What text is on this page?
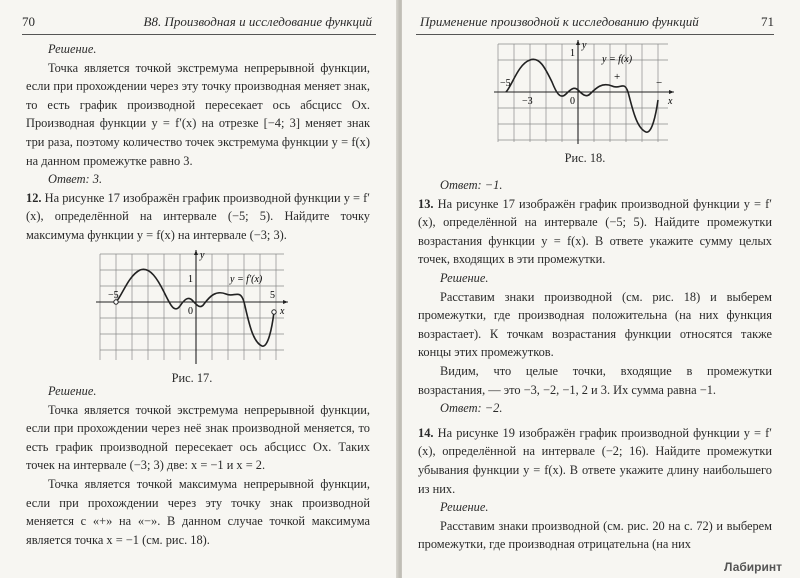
70	В8. Производная и исследование функций

Решение.

Точка является точкой экстремума непрерывной функции, если при прохождении через эту точку производная меняет знак, то есть график производной пересекает ось абсцисс Ox. Производная функции y = f′(x) на отрезке [−4; 3] меняет знак три раза, поэтому количество точек экстремума функции y = f(x) на данном промежутке равно 3.

Ответ: 3.

12. На рисунке 17 изображён график производной функции y = f′(x), определённой на интервале (−5; 5). Найдите точку максимума функции y = f(x) на интервале (−3; 3).

−5	5
0
1
x
y
y = f′(x)
Рис. 17.

Решение.

Точка является точкой экстремума непрерывной функции, если при прохождении через неё знак производной меняется, то есть график производной пересекает ось абсцисс Ox. Таких точек на интервале (−3; 3) две: x = −1 и x = 2.

Точка является точкой максимума непрерывной функции, если при прохождении через эту точку знак производной меняется с «+» на «−». В данном случае точкой максимума является точка x = −1 (см. рис. 18).

Применение производной к исследованию функций	71
−5
−3	0
1
x
y
y = f(x)
+	−
Рис. 18.

Ответ: −1.

13. На рисунке 17 изображён график производной функции y = f′(x), определённой на интервале (−5; 5). Найдите промежутки возрастания функции y = f(x). В ответе укажите сумму целых точек, входящих в эти промежутки.

Решение.

Расставим знаки производной (см. рис. 18) и выберем промежутки, где производная положительна (на них функция возрастает). К точкам возрастания функции относятся также концы этих промежутков.

Видим, что целые точки, входящие в промежутки возрастания, — это −3, −2, −1, 2 и 3. Их сумма равна −1.

Ответ: −2.

14. На рисунке 19 изображён график производной функции y = f′(x), определённой на интервале (−2; 16). Найдите промежутки убывания функции y = f(x). В ответе укажите длину наибольшего из них.

Решение.

Расставим знаки производной (см. рис. 20 на с. 72) и выберем промежутки, где производная отрицательна (на них

Лабиринт
